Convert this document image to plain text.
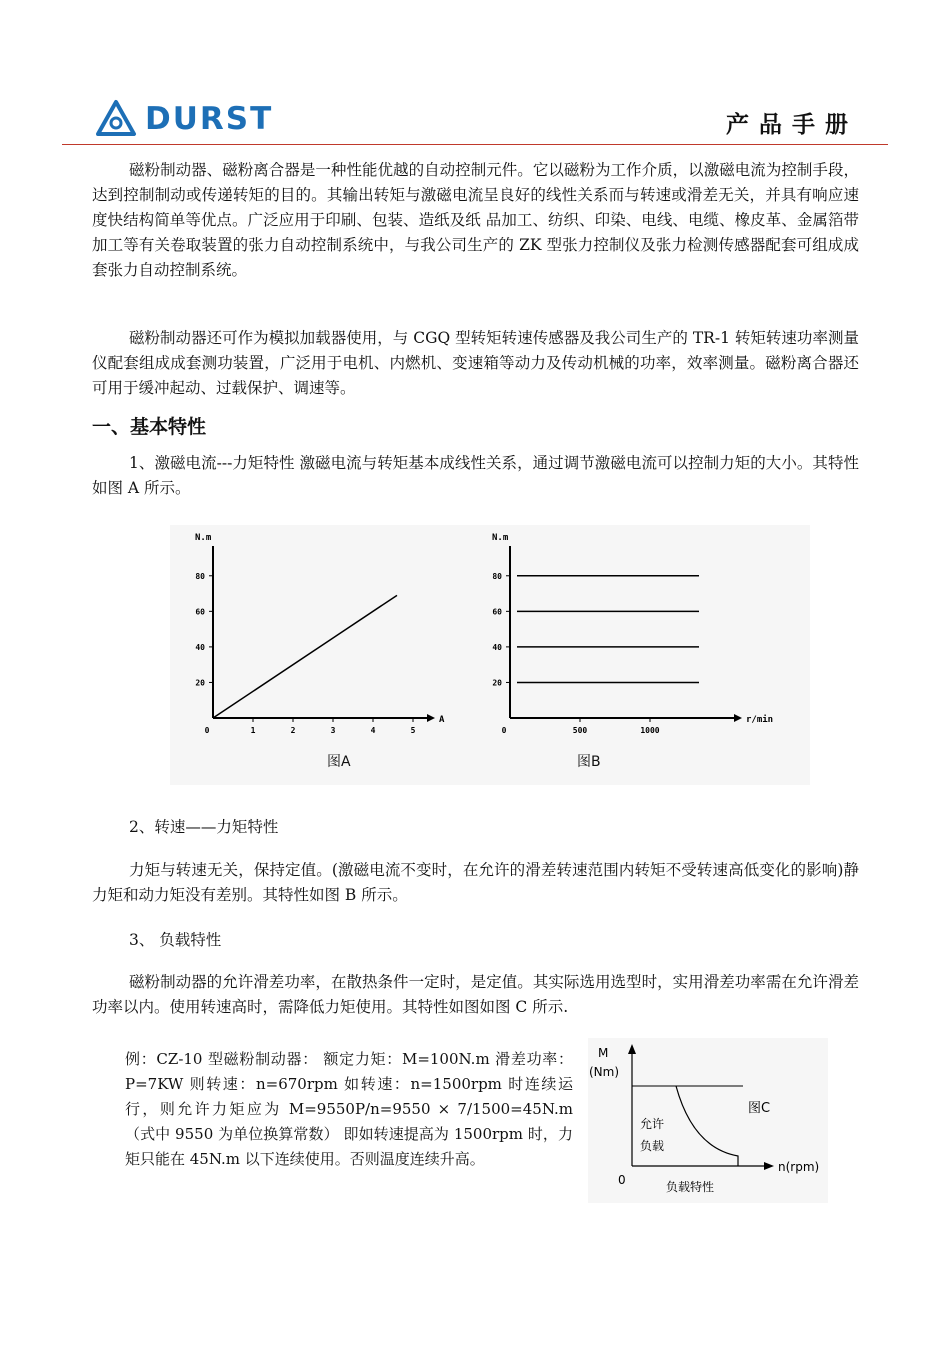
DURST	产品手册

磁粉制动器、磁粉离合器是一种性能优越的自动控制元件。它以磁粉为工作介质，以激磁电流为控制手段，达到控制制动或传递转矩的目的。其输出转矩与激磁电流呈良好的线性关系而与转速或滑差无关，并具有响应速度快结构简单等优点。广泛应用于印刷、包装、造纸及纸 品加工、纺织、印染、电线、电缆、橡皮革、金属箔带加工等有关卷取装置的张力自动控制系统中，与我公司生产的 ZK 型张力控制仪及张力检测传感器配套可组成成套张力自动控制系统。

磁粉制动器还可作为模拟加载器使用，与 CGQ 型转矩转速传感器及我公司生产的 TR-1 转矩转速功率测量仪配套组成成套测功装置，广泛用于电机、内燃机、变速箱等动力及传动机械的功率，效率测量。磁粉离合器还可用于缓冲起动、过载保护、调速等。

一、基本特性

1、激磁电流---力矩特性 激磁电流与转矩基本成线性关系，通过调节激磁电流可以控制力矩的大小。其特性如图 A 所示。

N.m
A
20
40
60
80
0	1	2	3	4	5
N.m
r/min
20
40
60
80
0	500	1000
图A	图B

2、转速——力矩特性

力矩与转速无关，保持定值。(激磁电流不变时，在允许的滑差转速范围内转矩不受转速高低变化的影响)静力矩和动力矩没有差别。其特性如图 B 所示。

3、 负载特性

磁粉制动器的允许滑差功率，在散热条件一定时，是定值。其实际选用选型时，实用滑差功率需在允许滑差功率以内。使用转速高时，需降低力矩使用。其特性如图如图 C 所示.

例：CZ-10 型磁粉制动器： 额定力矩：M=100N.m 滑差功率：P=7KW 则转速：n=670rpm 如转速：n=1500rpm 时连续运行，则允许力矩应为 M=9550P/n=9550 × 7/1500=45N.m（式中 9550 为单位换算常数） 即如转速提高为 1500rpm 时，力矩只能在 45N.m 以下连续使用。否则温度连续升高。

M
(Nm)
0
n(rpm)
允许
负载
图C
负载特性
